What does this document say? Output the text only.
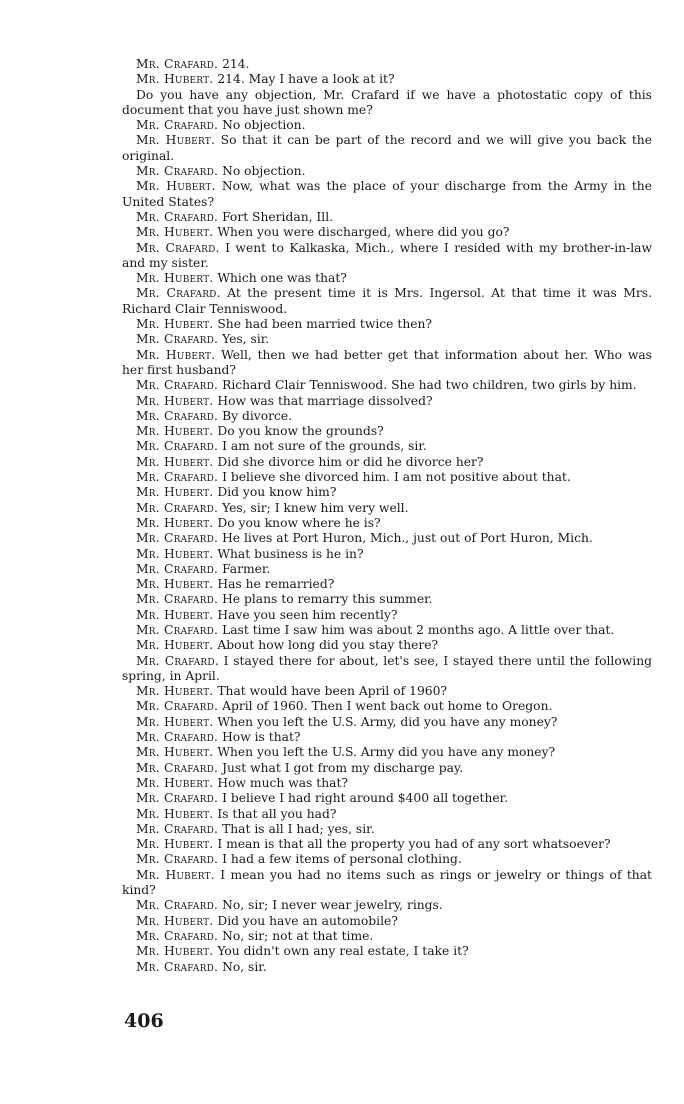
Mr. Crafard. 214.

Mr. Hubert. 214. May I have a look at it?

Do you have any objection, Mr. Crafard if we have a photostatic copy of this document that you have just shown me?

Mr. Crafard. No objection.

Mr. Hubert. So that it can be part of the record and we will give you back the original.

Mr. Crafard. No objection.

Mr. Hubert. Now, what was the place of your discharge from the Army in the United States?

Mr. Crafard. Fort Sheridan, Ill.

Mr. Hubert. When you were discharged, where did you go?

Mr. Crafard. I went to Kalkaska, Mich., where I resided with my brother-in-law and my sister.

Mr. Hubert. Which one was that?

Mr. Crafard. At the present time it is Mrs. Ingersol. At that time it was Mrs. Richard Clair Tenniswood.

Mr. Hubert. She had been married twice then?

Mr. Crafard. Yes, sir.

Mr. Hubert. Well, then we had better get that information about her. Who was her first husband?

Mr. Crafard. Richard Clair Tenniswood. She had two children, two girls by him.

Mr. Hubert. How was that marriage dissolved?

Mr. Crafard. By divorce.

Mr. Hubert. Do you know the grounds?

Mr. Crafard. I am not sure of the grounds, sir.

Mr. Hubert. Did she divorce him or did he divorce her?

Mr. Crafard. I believe she divorced him. I am not positive about that.

Mr. Hubert. Did you know him?

Mr. Crafard. Yes, sir; I knew him very well.

Mr. Hubert. Do you know where he is?

Mr. Crafard. He lives at Port Huron, Mich., just out of Port Huron, Mich.

Mr. Hubert. What business is he in?

Mr. Crafard. Farmer.

Mr. Hubert. Has he remarried?

Mr. Crafard. He plans to remarry this summer.

Mr. Hubert. Have you seen him recently?

Mr. Crafard. Last time I saw him was about 2 months ago. A little over that.

Mr. Hubert. About how long did you stay there?

Mr. Crafard. I stayed there for about, let's see, I stayed there until the following spring, in April.

Mr. Hubert. That would have been April of 1960?

Mr. Crafard. April of 1960. Then I went back out home to Oregon.

Mr. Hubert. When you left the U.S. Army, did you have any money?

Mr. Crafard. How is that?

Mr. Hubert. When you left the U.S. Army did you have any money?

Mr. Crafard. Just what I got from my discharge pay.

Mr. Hubert. How much was that?

Mr. Crafard. I believe I had right around $400 all together.

Mr. Hubert. Is that all you had?

Mr. Crafard. That is all I had; yes, sir.

Mr. Hubert. I mean is that all the property you had of any sort whatsoever?

Mr. Crafard. I had a few items of personal clothing.

Mr. Hubert. I mean you had no items such as rings or jewelry or things of that kind?

Mr. Crafard. No, sir; I never wear jewelry, rings.

Mr. Hubert. Did you have an automobile?

Mr. Crafard. No, sir; not at that time.

Mr. Hubert. You didn't own any real estate, I take it?

Mr. Crafard. No, sir.

406
